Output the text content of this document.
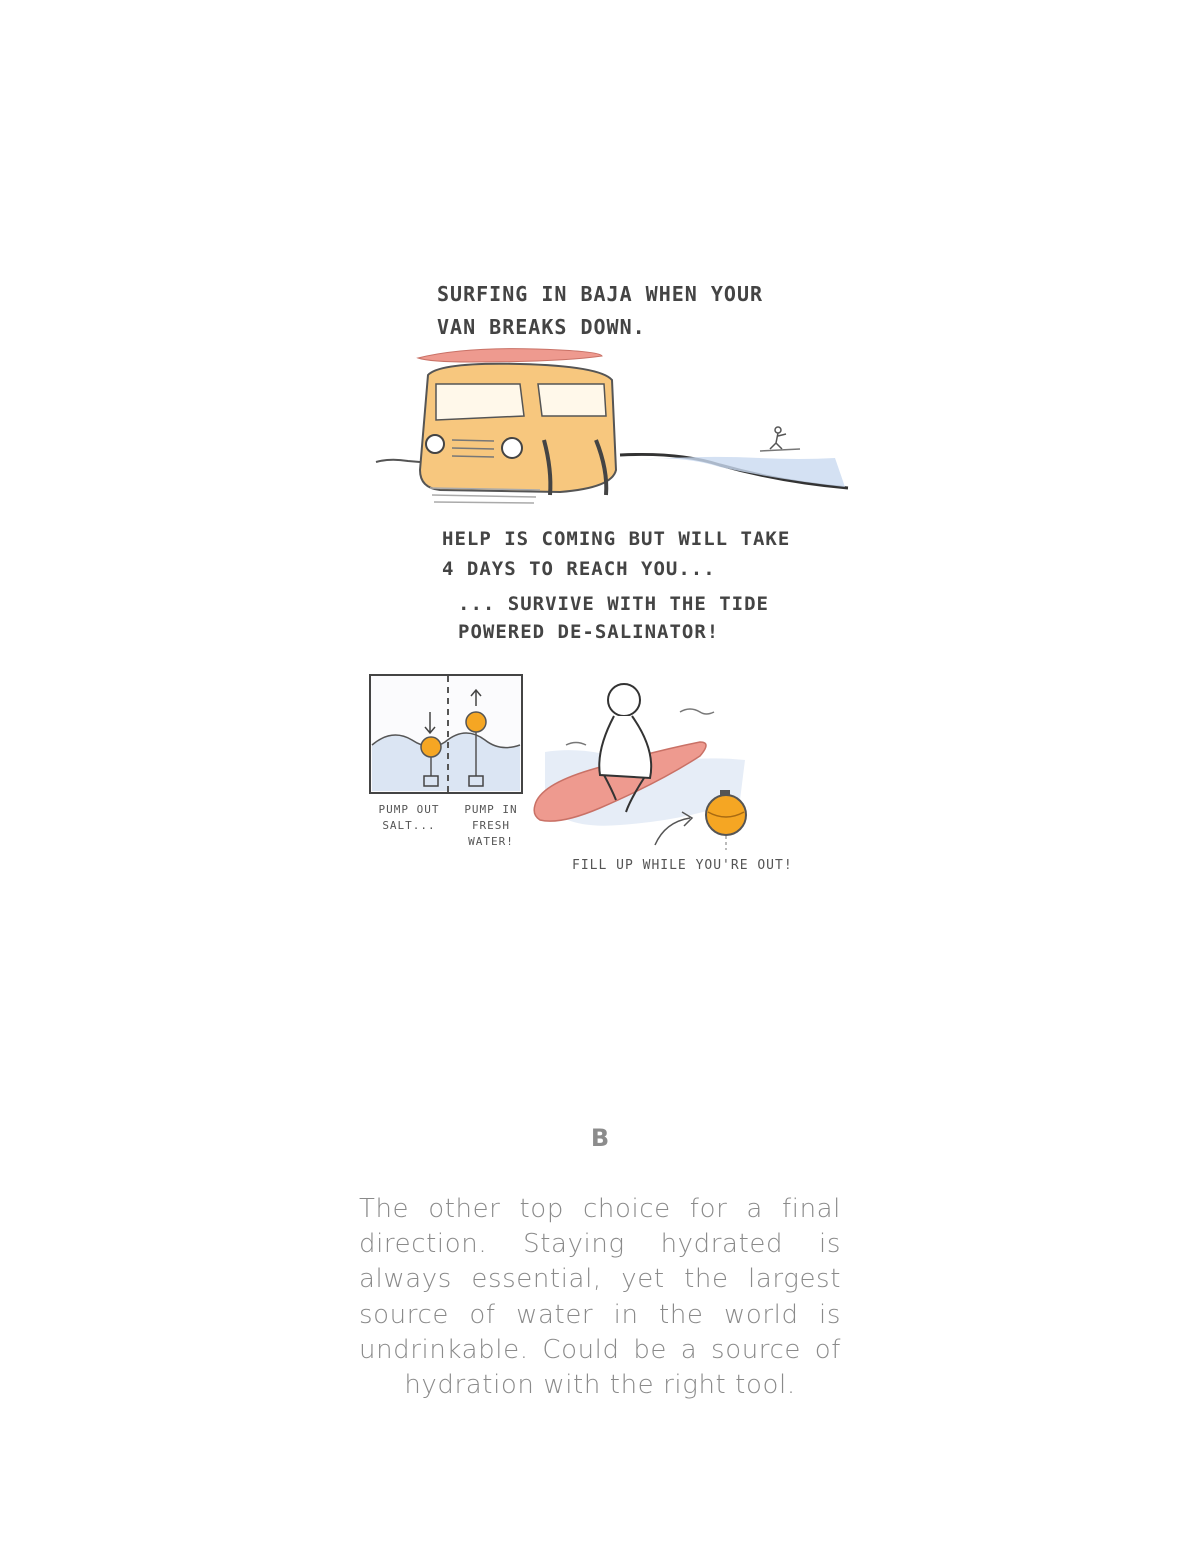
SURFING IN BAJA WHEN YOUR VAN BREAKS DOWN.
HELP IS COMING BUT WILL TAKE 4 DAYS TO REACH YOU...
... SURVIVE WITH THE TIDE POWERED DE-SALINATOR!
PUMP OUT SALT...
PUMP IN FRESH WATER!
FILL UP WHILE YOU'RE OUT!
B
The other top choice for a final direction. Staying hydrated is always essential, yet the largest source of water in the world is undrinkable. Could be a source of hydration with the right tool.
